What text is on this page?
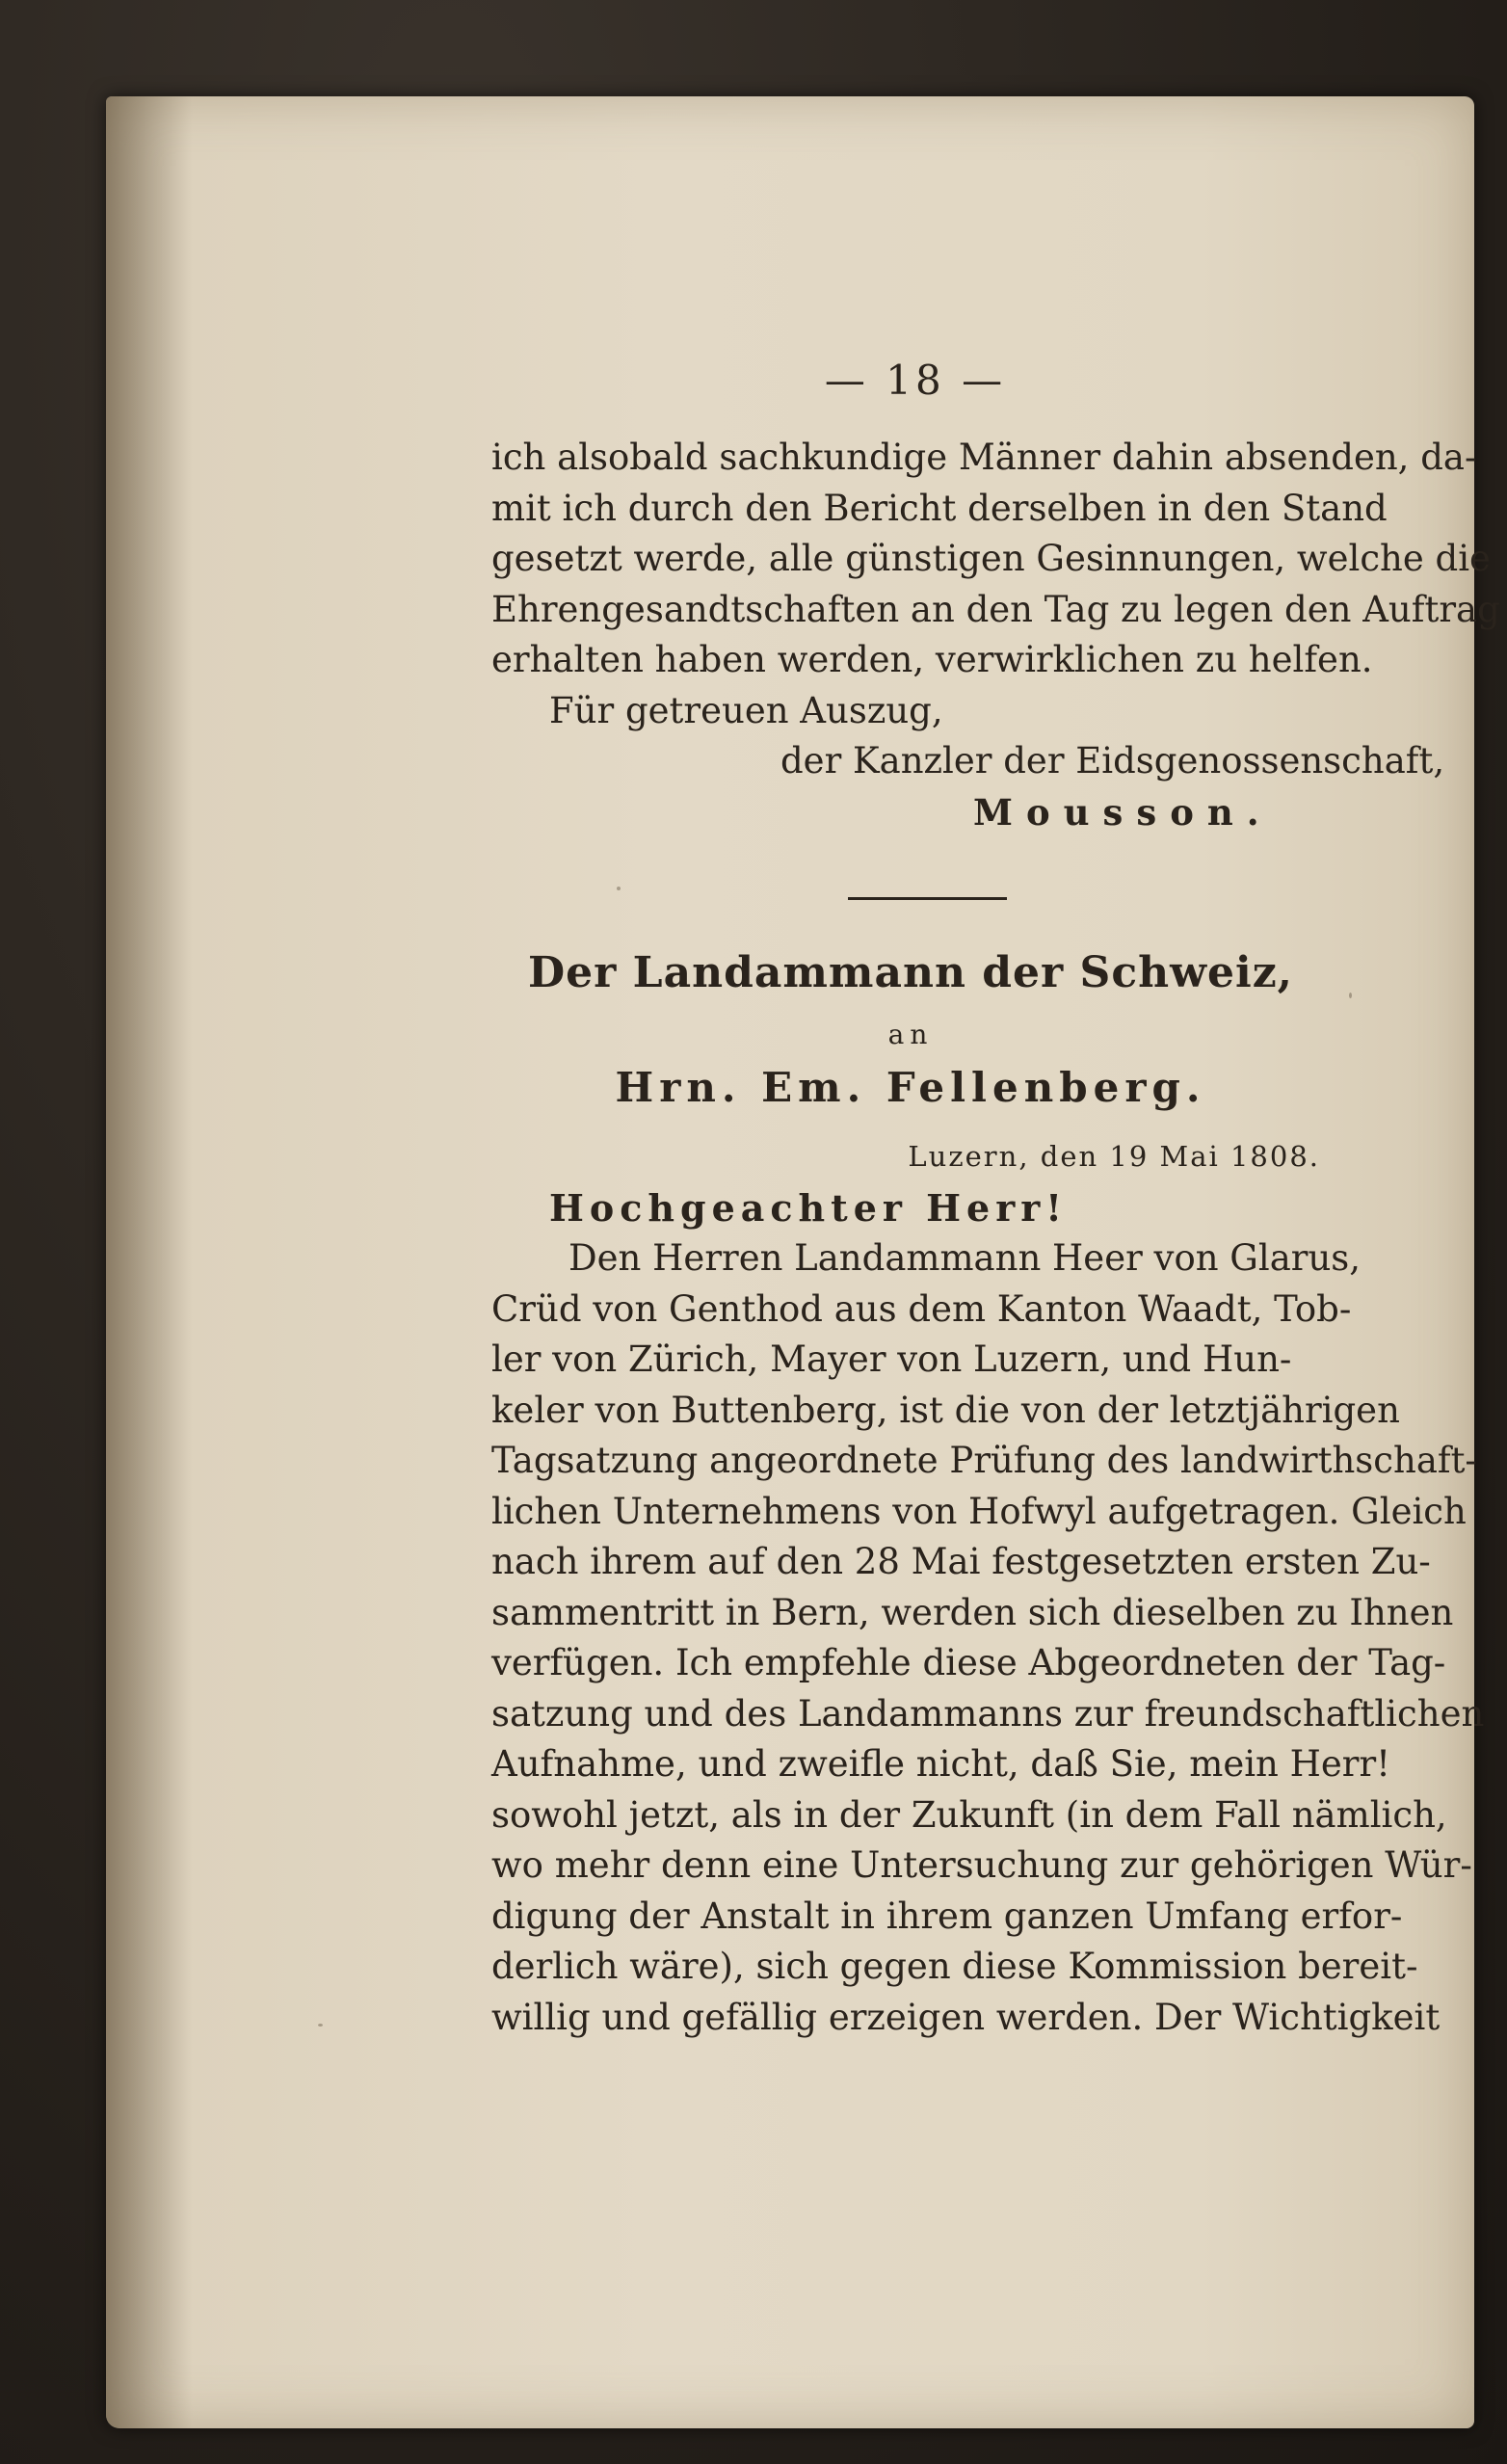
— 18 —
ich alsobald sachkundige Männer dahin absenden, da-
mit ich durch den Bericht derselben in den Stand
gesetzt werde, alle günstigen Gesinnungen, welche die
Ehrengesandtschaften an den Tag zu legen den Auftrag
erhalten haben werden, verwirklichen zu helfen.
Für getreuen Auszug,
der Kanzler der Eidsgenossenschaft,
Mousson.
Der Landammann der Schweiz,
an
Hrn. Em. Fellenberg.
Luzern, den 19 Mai 1808.
Hochgeachter Herr!
Den Herren Landammann Heer von Glarus,
Crüd von Genthod aus dem Kanton Waadt, Tob-
ler von Zürich, Mayer von Luzern, und Hun-
keler von Buttenberg, ist die von der letztjährigen
Tagsatzung angeordnete Prüfung des landwirthschaft-
lichen Unternehmens von Hofwyl aufgetragen. Gleich
nach ihrem auf den 28 Mai festgesetzten ersten Zu-
sammentritt in Bern, werden sich dieselben zu Ihnen
verfügen. Ich empfehle diese Abgeordneten der Tag-
satzung und des Landammanns zur freundschaftlichen
Aufnahme, und zweifle nicht, daß Sie, mein Herr!
sowohl jetzt, als in der Zukunft (in dem Fall nämlich,
wo mehr denn eine Untersuchung zur gehörigen Wür-
digung der Anstalt in ihrem ganzen Umfang erfor-
derlich wäre), sich gegen diese Kommission bereit-
willig und gefällig erzeigen werden. Der Wichtigkeit
